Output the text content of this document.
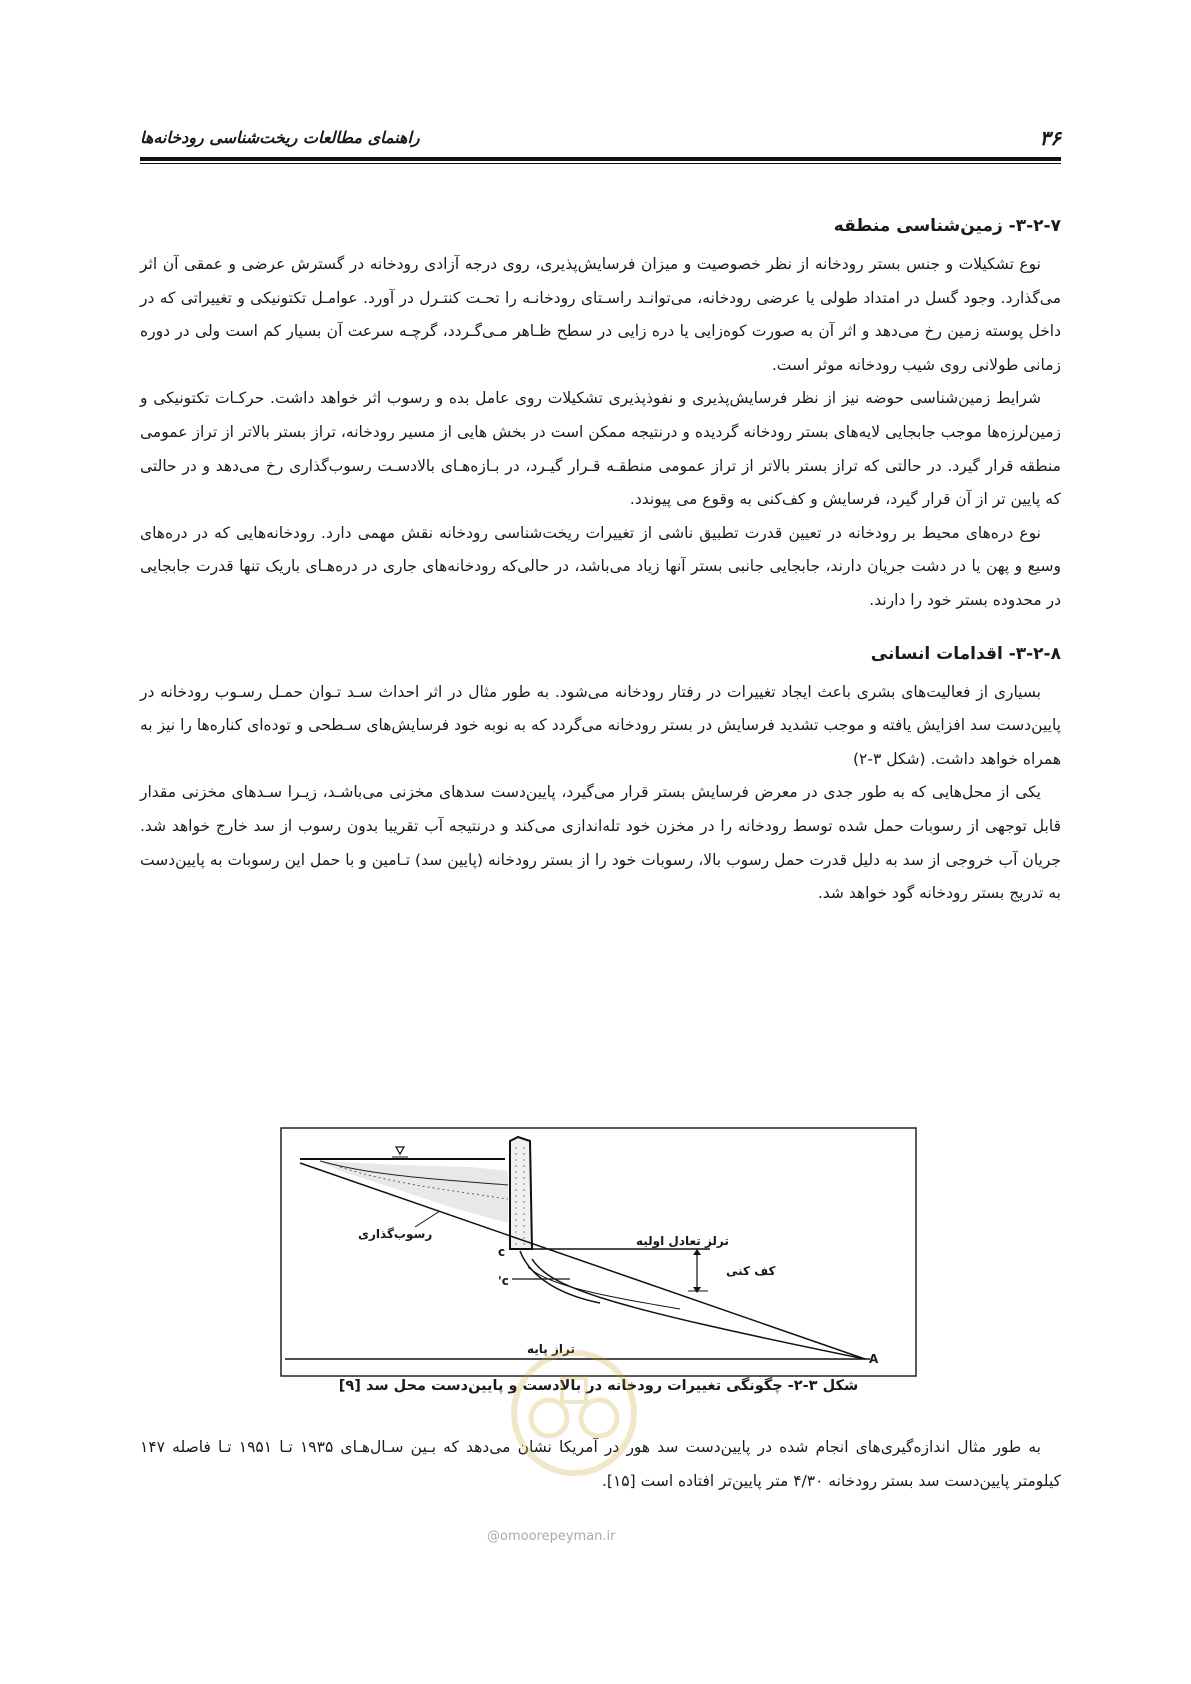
۳۶
راهنمای مطالعات ریخت‌شناسی رودخانه‌ها
۳-۲-۷- زمین‌شناسی منطقه

نوع تشکیلات و جنس بستر رودخانه از نظر خصوصیت و میزان فرسایش‌پذیری، روی درجه آزادی رودخانه در گسترش عرضی و عمقی آن اثر می‌گذارد. وجود گسل در امتداد طولی یا عرضی رودخانه، می‌توانـد راسـتای رودخانـه را تحـت کنتـرل در آورد. عوامـل تکتونیکی و تغییراتی که در داخل پوسته زمین رخ می‌دهد و اثر آن به صورت کوه‌زایی یا دره زایی در سطح ظـاهر مـی‌گـردد، گرچـه سرعت آن بسیار کم است ولی در دوره زمانی طولانی روی شیب رودخانه موثر است.

شرایط زمین‌شناسی حوضه نیز از نظر فرسایش‌پذیری و نفوذپذیری تشکیلات روی عامل بده و رسوب اثر خواهد داشت. حرکـات تکتونیکی و زمین‌لرزه‌ها موجب جابجایی لایه‌های بستر رودخانه گردیده و درنتیجه ممکن است در بخش هایی از مسیر رودخانه، تراز بستر بالاتر از تراز عمومی منطقه قرار گیرد. در حالتی که تراز بستر بالاتر از تراز عمومی منطقـه قـرار گیـرد، در بـازه‌هـای بالادسـت رسوب‌گذاری رخ می‌دهد و در حالتی که پایین تر از آن قرار گیرد، فرسایش و کف‌کنی به وقوع می پیوندد.

نوع دره‌های محیط بر رودخانه در تعیین قدرت تطبیق ناشی از تغییرات ریخت‌شناسی رودخانه نقش مهمی دارد. رودخانه‌هایی که در دره‌های وسیع و پهن یا در دشت جریان دارند، جابجایی جانبی بستر آنها زیاد می‌باشد، در حالی‌که رودخانه‌های جاری در دره‌هـای باریک تنها قدرت جابجایی در محدوده بستر خود را دارند.

۳-۲-۸- اقدامات انسانی

بسیاری از فعالیت‌های بشری باعث ایجاد تغییرات در رفتار رودخانه می‌شود. به طور مثال در اثر احداث سـد تـوان حمـل رسـوب رودخانه در پایین‌دست سد افزایش یافته و موجب تشدید فرسایش در بستر رودخانه می‌گردد که به نوبه خود فرسایش‌های سـطحی و توده‌ای کناره‌ها را نیز به همراه خواهد داشت. (شکل ۳-۲)

یکی از محل‌هایی که به طور جدی در معرض فرسایش بستر قرار می‌گیرد، پایین‌دست سدهای مخزنی می‌باشـد، زیـرا سـدهای مخزنی مقدار قابل توجهی از رسوبات حمل شده توسط رودخانه را در مخزن خود تله‌اندازی می‌کند و درنتیجه آب تقریبا بدون رسوب از سد خارج خواهد شد. جریان آب خروجی از سد به دلیل قدرت حمل رسوب بالا، رسوبات خود را از بستر رودخانه (پایین سد) تـامین و با حمل این رسوبات به پایین‌دست به تدریج بستر رودخانه گود خواهد شد.

ترلز تعادل اولیه
کف کنی
رسوب‌گذاری
تراز پایه
c
c'
A
شکل ۳-۲- چگونگی تغییرات رودخانه در بالادست و پایین‌دست محل سد [۹]

به طور مثال اندازه‌گیری‌های انجام شده در پایین‌دست سد هور در آمریکا نشان می‌دهد که بـین سـال‌هـای ۱۹۳۵ تـا ۱۹۵۱ تـا فاصله ۱۴۷ کیلومتر پایین‌دست سد بستر رودخانه ۴/۳۰ متر پایین‌تر افتاده است [۱۵].

@omoorepeyman.ir
